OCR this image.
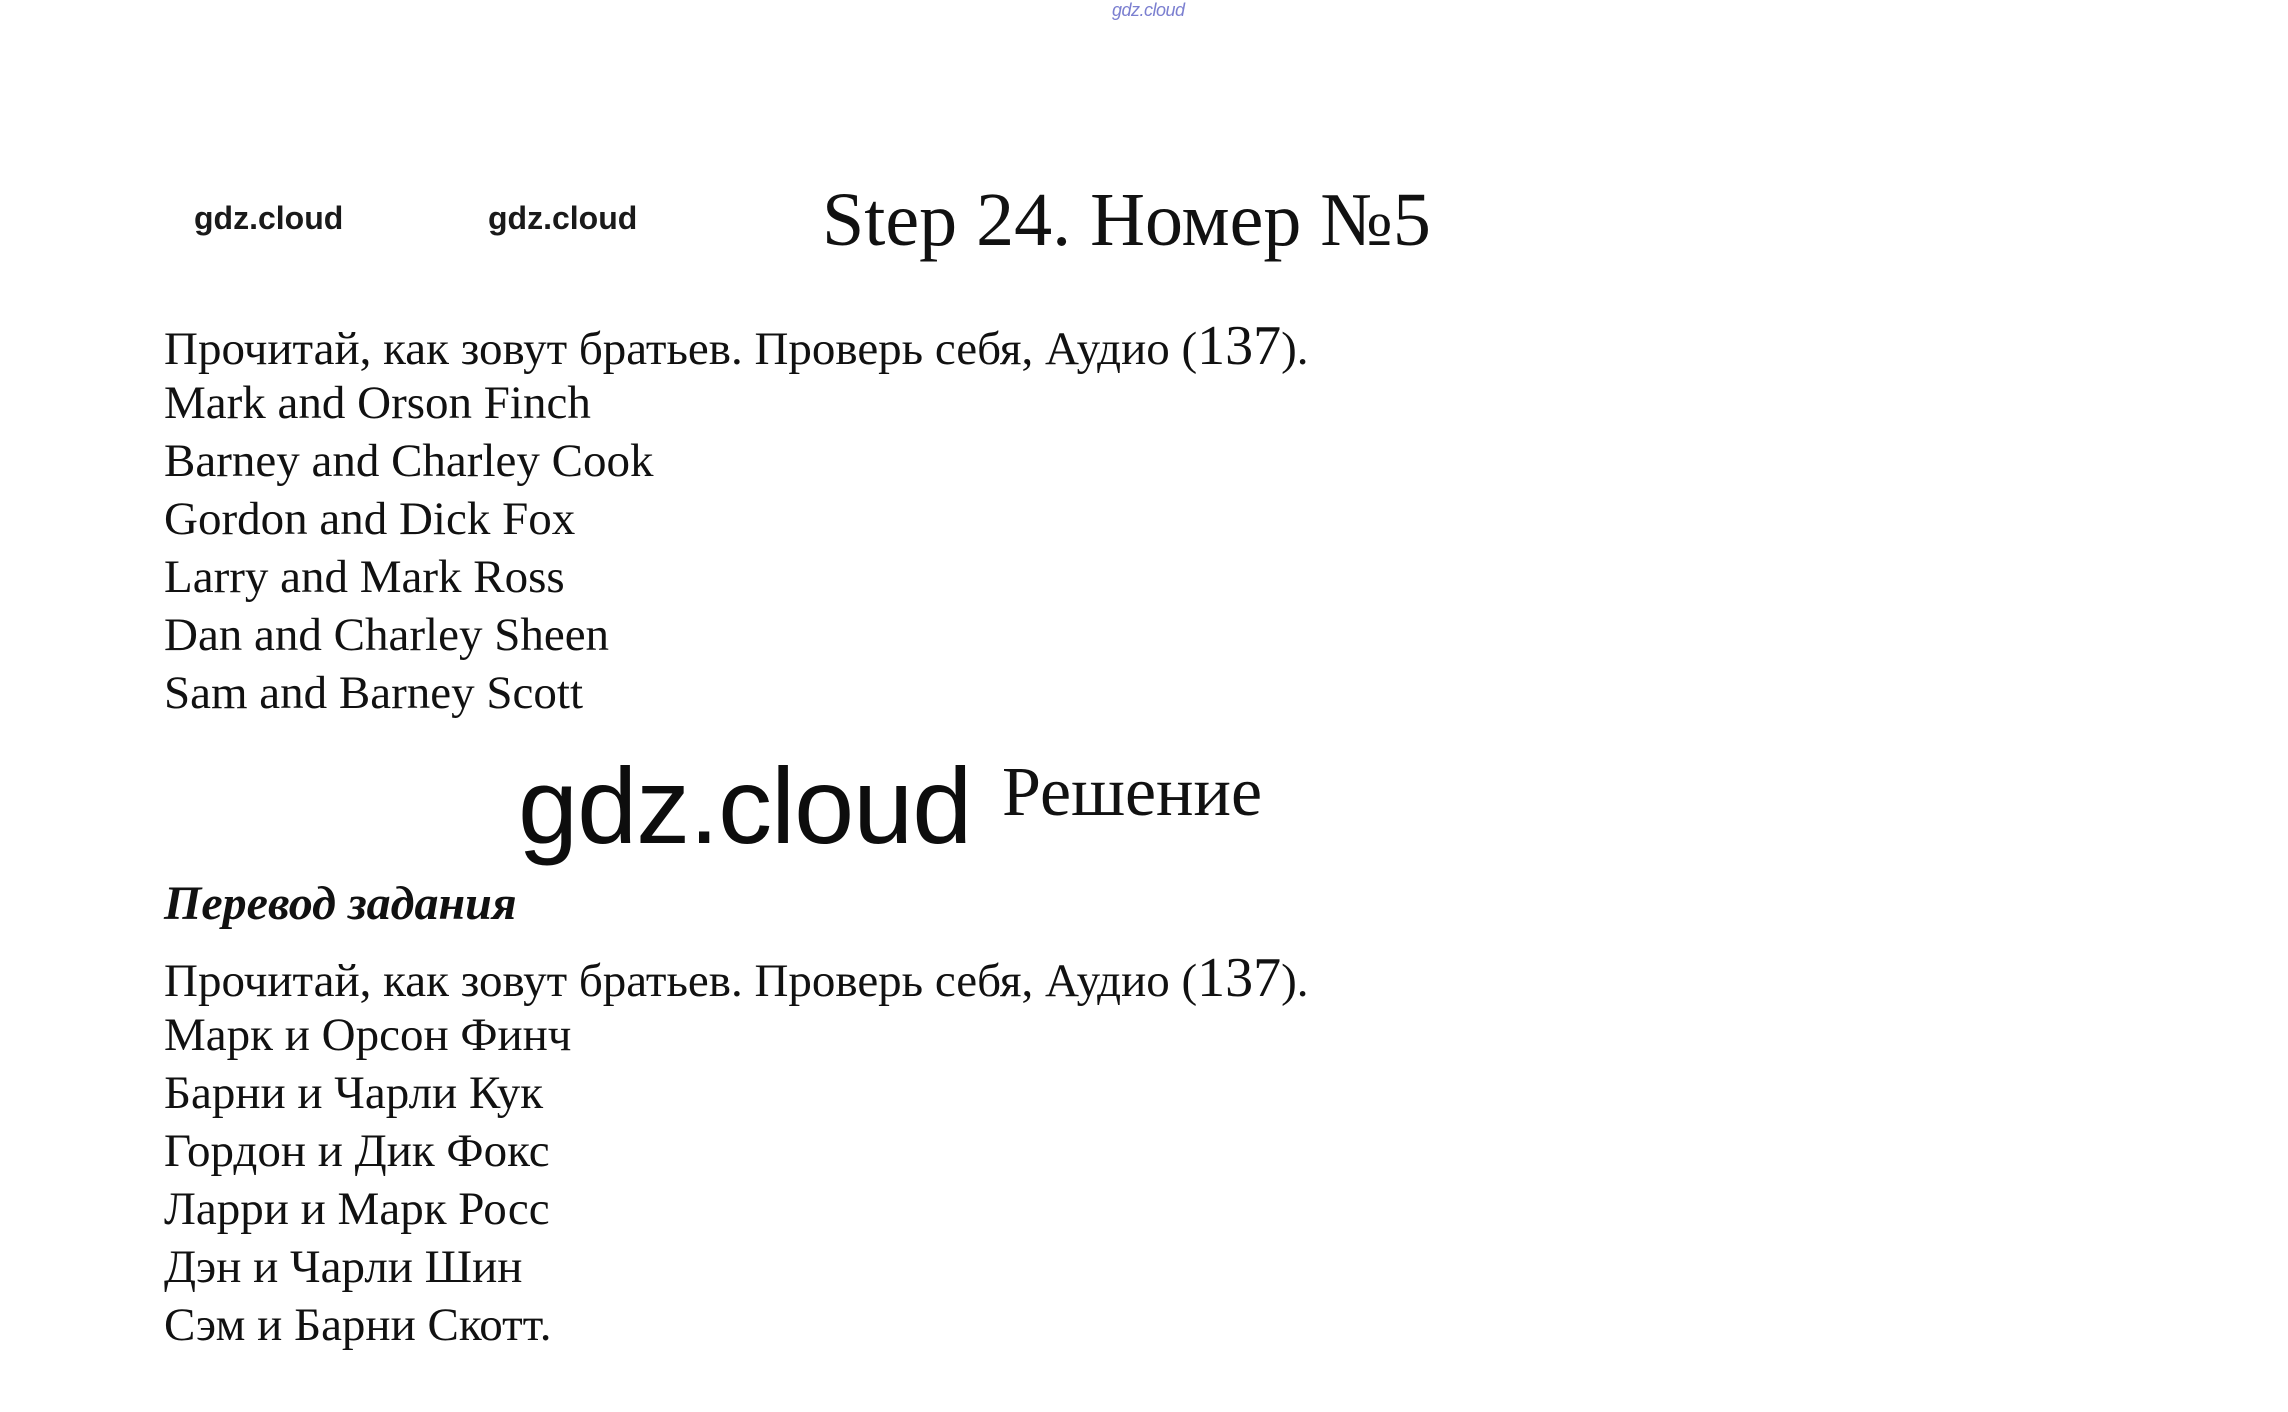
gdz.cloud
gdz.cloud	gdz.cloud Step 24. Номер №5
Прочитай, как зовут братьев. Проверь себя, Аудио (137).
Mark and Orson Finch
Barney and Charley Cook
Gordon and Dick Fox
Larry and Mark Ross
Dan and Charley Sheen
Sam and Barney Scott
gdz.cloud Решение
Перевод задания
Прочитай, как зовут братьев. Проверь себя, Аудио (137).
Марк и Орсон Финч
Барни и Чарли Кук
Гордон и Дик Фокс
Ларри и Марк Росс
Дэн и Чарли Шин
Сэм и Барни Скотт.
